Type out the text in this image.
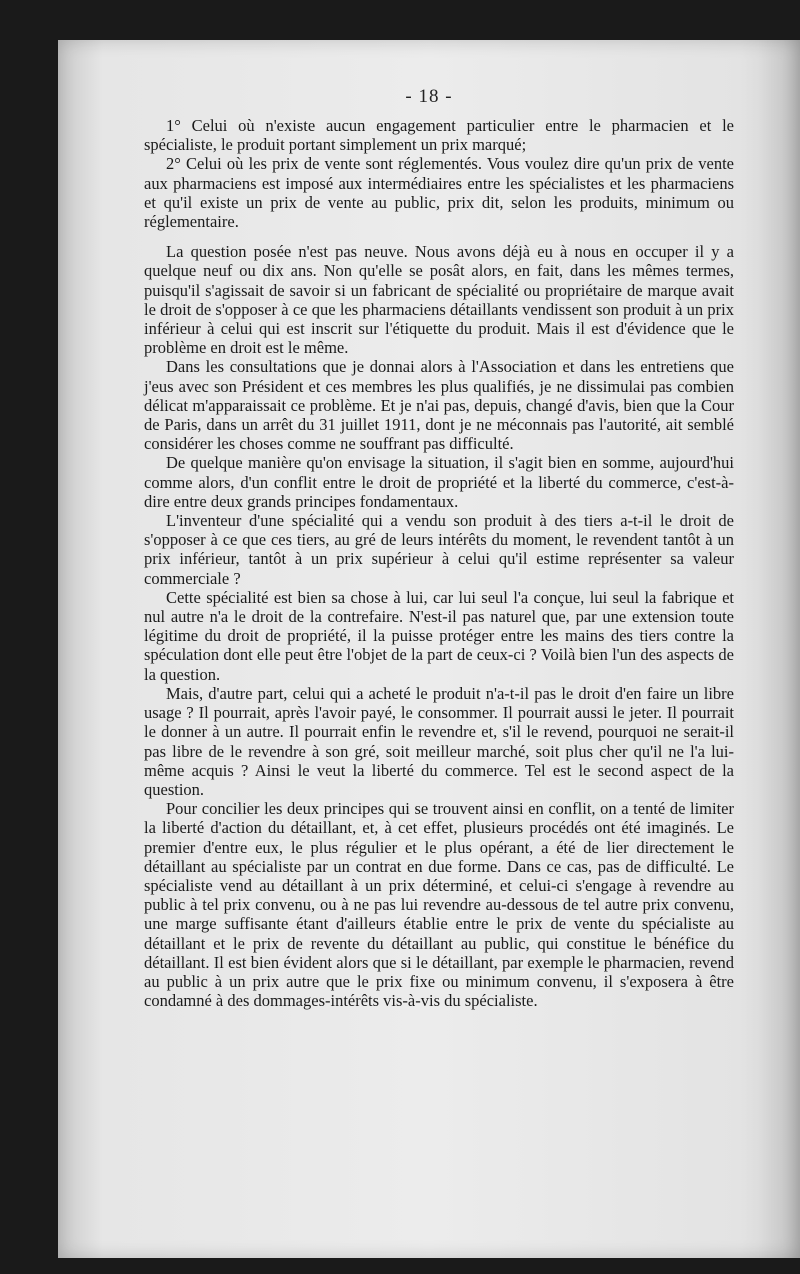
- 18 -

1° Celui où n'existe aucun engagement particulier entre le pharmacien et le spécialiste, le produit portant simplement un prix marqué;

2° Celui où les prix de vente sont réglementés. Vous voulez dire qu'un prix de vente aux pharmaciens est imposé aux intermédiaires entre les spécialistes et les pharmaciens et qu'il existe un prix de vente au public, prix dit, selon les produits, minimum ou réglementaire.

La question posée n'est pas neuve. Nous avons déjà eu à nous en occuper il y a quelque neuf ou dix ans. Non qu'elle se posât alors, en fait, dans les mêmes termes, puisqu'il s'agissait de savoir si un fabricant de spécialité ou propriétaire de marque avait le droit de s'opposer à ce que les pharmaciens détaillants vendissent son produit à un prix inférieur à celui qui est inscrit sur l'étiquette du produit. Mais il est d'évidence que le problème en droit est le même.

Dans les consultations que je donnai alors à l'Association et dans les entretiens que j'eus avec son Président et ces membres les plus qualifiés, je ne dissimulai pas combien délicat m'apparaissait ce problème. Et je n'ai pas, depuis, changé d'avis, bien que la Cour de Paris, dans un arrêt du 31 juillet 1911, dont je ne méconnais pas l'autorité, ait semblé considérer les choses comme ne souffrant pas difficulté.

De quelque manière qu'on envisage la situation, il s'agit bien en somme, aujourd'hui comme alors, d'un conflit entre le droit de propriété et la liberté du commerce, c'est-à-dire entre deux grands principes fondamentaux.

L'inventeur d'une spécialité qui a vendu son produit à des tiers a-t-il le droit de s'opposer à ce que ces tiers, au gré de leurs intérêts du moment, le revendent tantôt à un prix inférieur, tantôt à un prix supérieur à celui qu'il estime représenter sa valeur commerciale ?

Cette spécialité est bien sa chose à lui, car lui seul l'a conçue, lui seul la fabrique et nul autre n'a le droit de la contrefaire. N'est-il pas naturel que, par une extension toute légitime du droit de propriété, il la puisse protéger entre les mains des tiers contre la spéculation dont elle peut être l'objet de la part de ceux-ci ? Voilà bien l'un des aspects de la question.

Mais, d'autre part, celui qui a acheté le produit n'a-t-il pas le droit d'en faire un libre usage ? Il pourrait, après l'avoir payé, le consommer. Il pourrait aussi le jeter. Il pourrait le donner à un autre. Il pourrait enfin le revendre et, s'il le revend, pourquoi ne serait-il pas libre de le revendre à son gré, soit meilleur marché, soit plus cher qu'il ne l'a lui-même acquis ? Ainsi le veut la liberté du commerce. Tel est le second aspect de la question.

Pour concilier les deux principes qui se trouvent ainsi en conflit, on a tenté de limiter la liberté d'action du détaillant, et, à cet effet, plusieurs procédés ont été imaginés. Le premier d'entre eux, le plus régulier et le plus opérant, a été de lier directement le détaillant au spécialiste par un contrat en due forme. Dans ce cas, pas de difficulté. Le spécialiste vend au détaillant à un prix déterminé, et celui-ci s'engage à revendre au public à tel prix convenu, ou à ne pas lui revendre au-dessous de tel autre prix convenu, une marge suffisante étant d'ailleurs établie entre le prix de vente du spécialiste au détaillant et le prix de revente du détaillant au public, qui constitue le bénéfice du détaillant. Il est bien évident alors que si le détaillant, par exemple le pharmacien, revend au public à un prix autre que le prix fixe ou minimum convenu, il s'exposera à être condamné à des dommages-intérêts vis-à-vis du spécialiste.
